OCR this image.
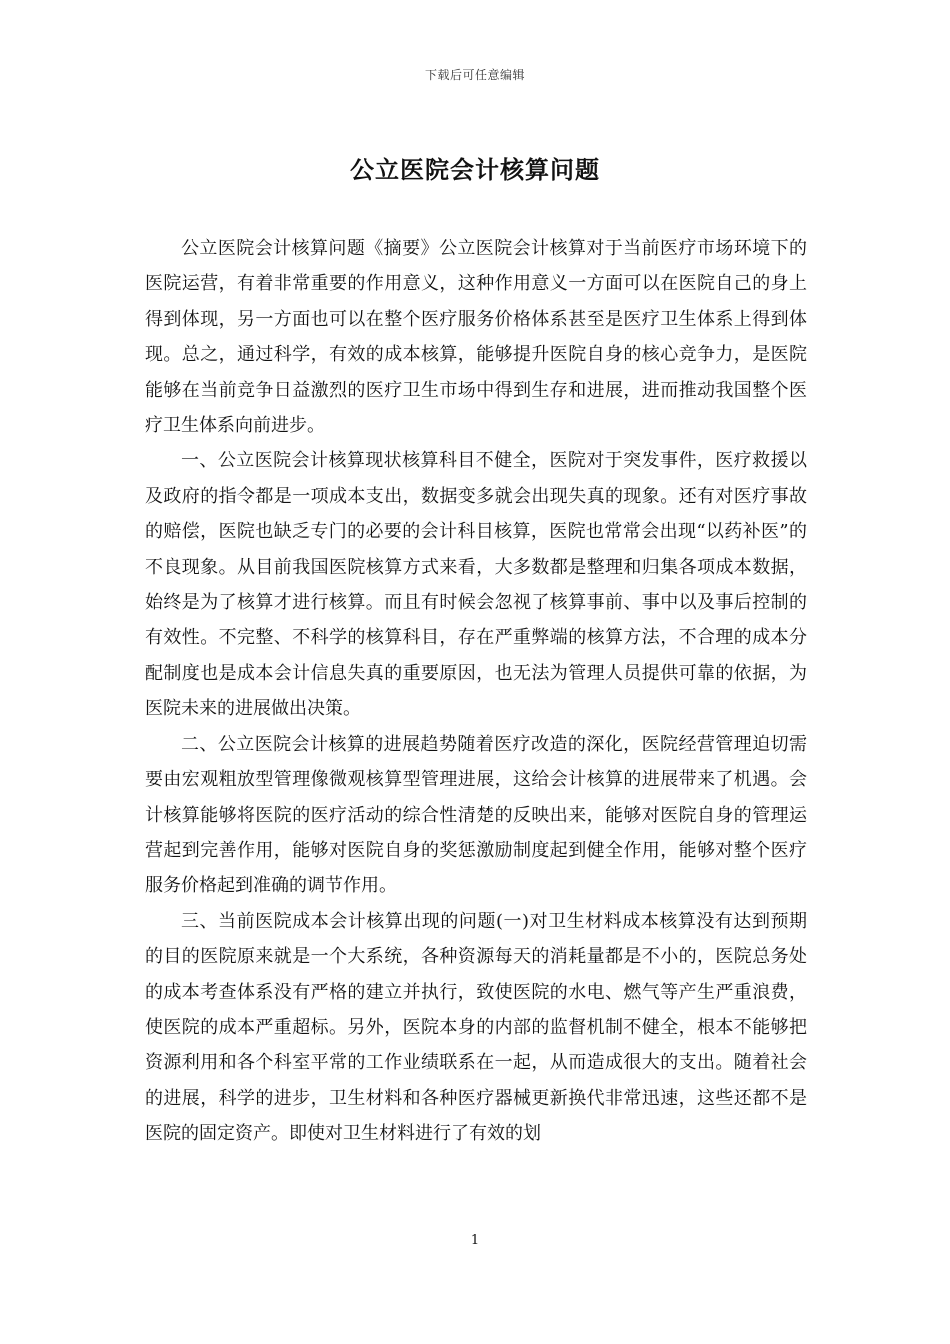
下载后可任意编辑
公立医院会计核算问题

公立医院会计核算问题《摘要》公立医院会计核算对于当前医疗市场环境下的医院运营，有着非常重要的作用意义，这种作用意义一方面可以在医院自己的身上得到体现，另一方面也可以在整个医疗服务价格体系甚至是医疗卫生体系上得到体现。总之，通过科学，有效的成本核算，能够提升医院自身的核心竞争力，是医院能够在当前竞争日益激烈的医疗卫生市场中得到生存和进展，进而推动我国整个医疗卫生体系向前进步。

一、公立医院会计核算现状核算科目不健全，医院对于突发事件，医疗救援以及政府的指令都是一项成本支出，数据变多就会出现失真的现象。还有对医疗事故的赔偿，医院也缺乏专门的必要的会计科目核算，医院也常常会出现“以药补医”的不良现象。从目前我国医院核算方式来看，大多数都是整理和归集各项成本数据，始终是为了核算才进行核算。而且有时候会忽视了核算事前、事中以及事后控制的有效性。不完整、不科学的核算科目，存在严重弊端的核算方法，不合理的成本分配制度也是成本会计信息失真的重要原因，也无法为管理人员提供可靠的依据，为医院未来的进展做出决策。

二、公立医院会计核算的进展趋势随着医疗改造的深化，医院经营管理迫切需要由宏观粗放型管理像微观核算型管理进展，这给会计核算的进展带来了机遇。会计核算能够将医院的医疗活动的综合性清楚的反映出来，能够对医院自身的管理运营起到完善作用，能够对医院自身的奖惩激励制度起到健全作用，能够对整个医疗服务价格起到准确的调节作用。

三、当前医院成本会计核算出现的问题(一)对卫生材料成本核算没有达到预期的目的医院原来就是一个大系统，各种资源每天的消耗量都是不小的，医院总务处的成本考查体系没有严格的建立并执行，致使医院的水电、燃气等产生严重浪费，使医院的成本严重超标。另外，医院本身的内部的监督机制不健全，根本不能够把资源利用和各个科室平常的工作业绩联系在一起，从而造成很大的支出。随着社会的进展，科学的进步，卫生材料和各种医疗器械更新换代非常迅速，这些还都不是医院的固定资产。即使对卫生材料进行了有效的划

1
